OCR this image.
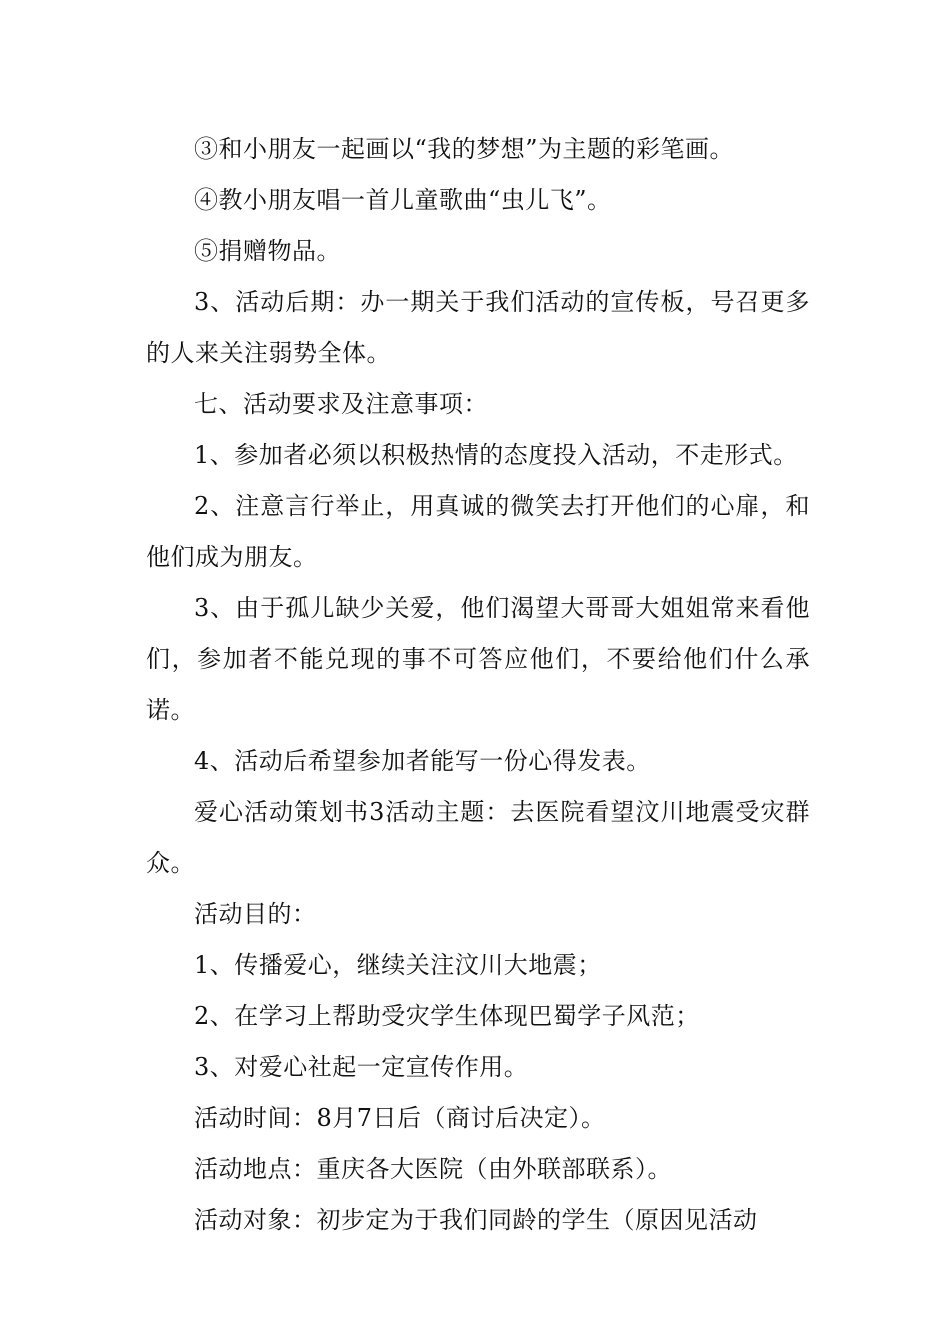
③和小朋友一起画以“我的梦想”为主题的彩笔画。

④教小朋友唱一首儿童歌曲“虫儿飞”。

⑤捐赠物品。

3、活动后期：办一期关于我们活动的宣传板，号召更多的人来关注弱势全体。

七、活动要求及注意事项：

1、参加者必须以积极热情的态度投入活动，不走形式。

2、注意言行举止，用真诚的微笑去打开他们的心扉，和他们成为朋友。

3、由于孤儿缺少关爱，他们渴望大哥哥大姐姐常来看他们，参加者不能兑现的事不可答应他们，不要给他们什么承诺。

4、活动后希望参加者能写一份心得发表。

爱心活动策划书3活动主题：去医院看望汶川地震受灾群众。

活动目的：

1、传播爱心，继续关注汶川大地震；

2、在学习上帮助受灾学生体现巴蜀学子风范；

3、对爱心社起一定宣传作用。

活动时间：8月7日后（商讨后决定）。

活动地点：重庆各大医院（由外联部联系）。

活动对象：初步定为于我们同龄的学生（原因见活动
